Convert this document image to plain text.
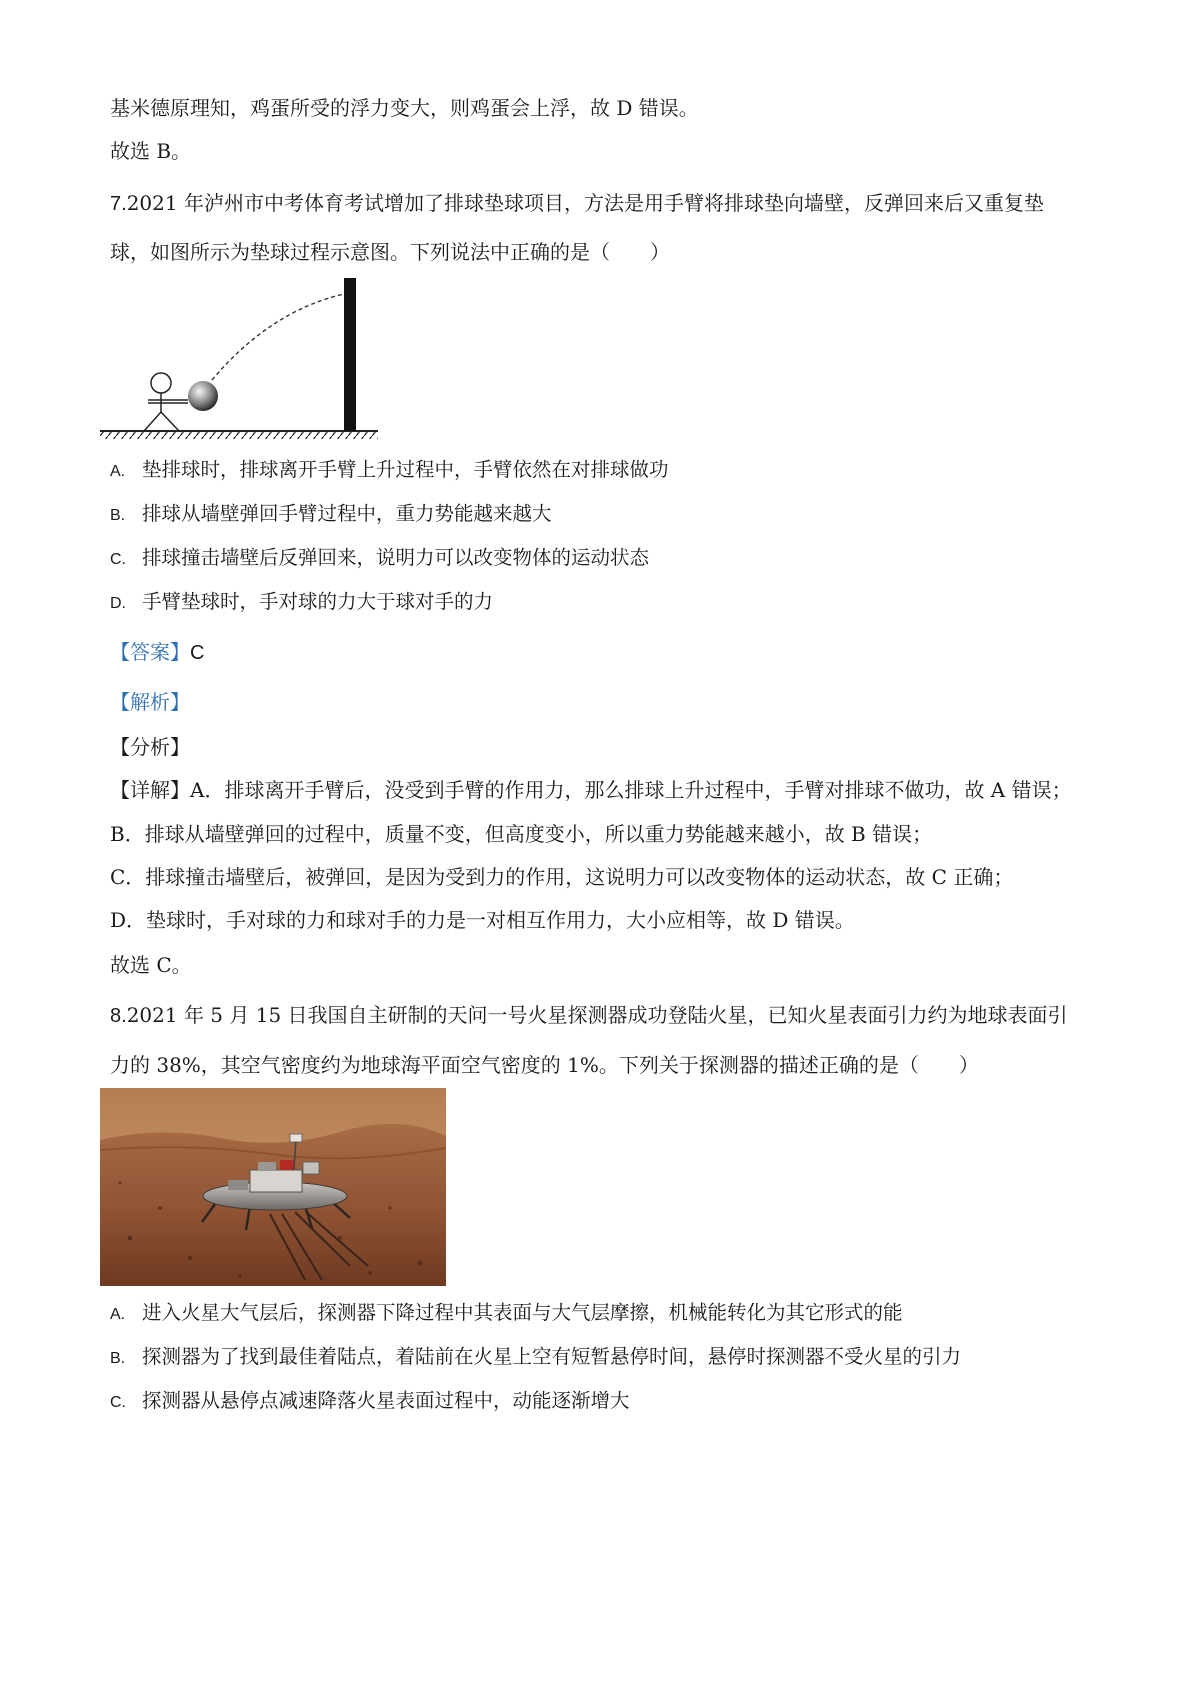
基米德原理知，鸡蛋所受的浮力变大，则鸡蛋会上浮，故 D 错误。
故选 B。
7.2021 年泸州市中考体育考试增加了排球垫球项目，方法是用手臂将排球垫向墙壁，反弹回来后又重复垫
球，如图所示为垫球过程示意图。下列说法中正确的是（　　）
A. 垫排球时，排球离开手臂上升过程中，手臂依然在对排球做功
B. 排球从墙壁弹回手臂过程中，重力势能越来越大
C. 排球撞击墙壁后反弹回来，说明力可以改变物体的运动状态
D. 手臂垫球时，手对球的力大于球对手的力
【答案】C
【解析】
【分析】
【详解】A．排球离开手臂后，没受到手臂的作用力，那么排球上升过程中，手臂对排球不做功，故 A 错误；
B．排球从墙壁弹回的过程中，质量不变，但高度变小，所以重力势能越来越小，故 B 错误；
C．排球撞击墙壁后，被弹回，是因为受到力的作用，这说明力可以改变物体的运动状态，故 C 正确；
D．垫球时，手对球的力和球对手的力是一对相互作用力，大小应相等，故 D 错误。
故选 C。
8.2021 年 5 月 15 日我国自主研制的天问一号火星探测器成功登陆火星，已知火星表面引力约为地球表面引
力的 38%，其空气密度约为地球海平面空气密度的 1%。下列关于探测器的描述正确的是（　　）
A. 进入火星大气层后，探测器下降过程中其表面与大气层摩擦，机械能转化为其它形式的能
B. 探测器为了找到最佳着陆点，着陆前在火星上空有短暂悬停时间，悬停时探测器不受火星的引力
C. 探测器从悬停点减速降落火星表面过程中，动能逐渐增大
